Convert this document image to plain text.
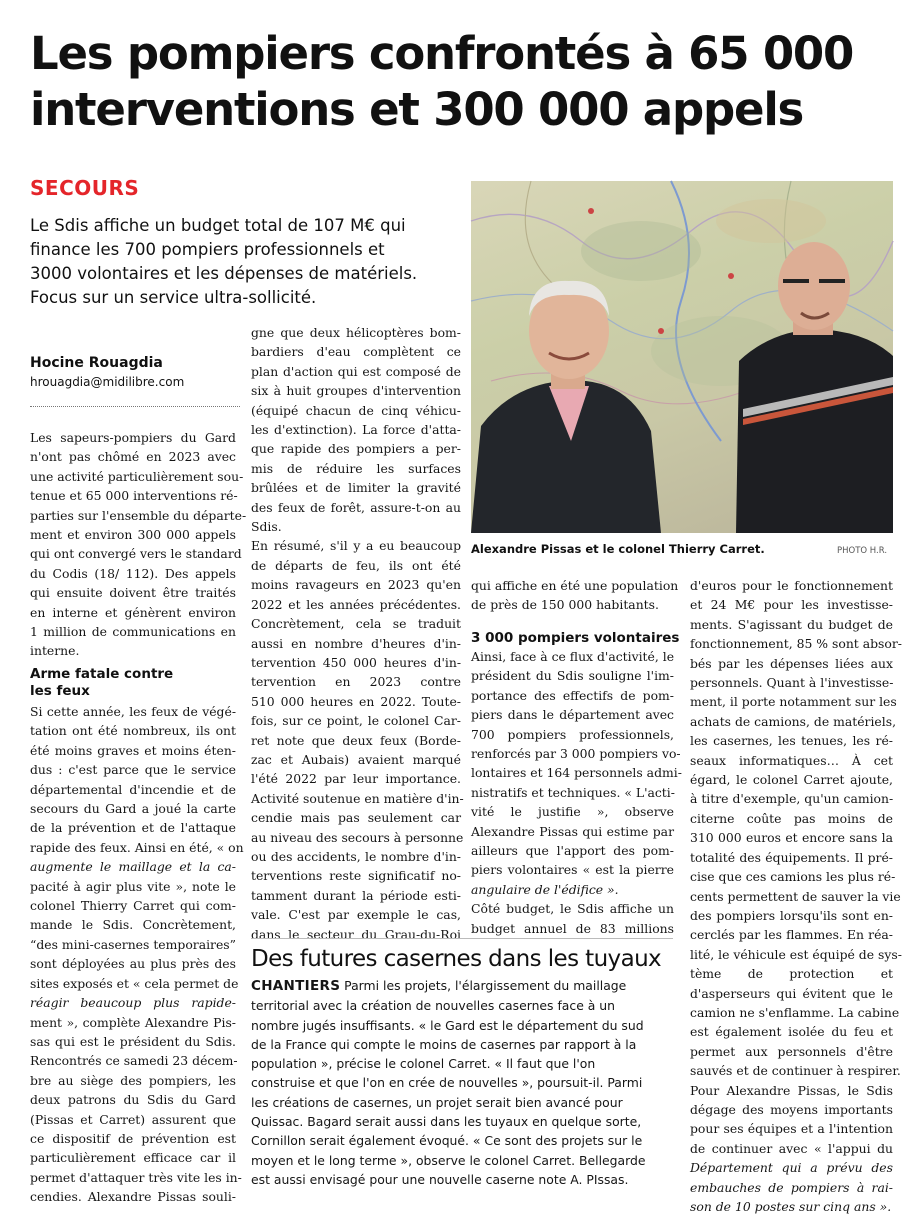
Les pompiers confrontés à 65 000
interventions et 300 000 appels
SECOURS
Le Sdis affiche un budget total de 107 M€ qui
finance les 700 pompiers professionnels et
3000 volontaires et les dépenses de matériels.
Focus sur un service ultra-sollicité.
Hocine Rouagdia
hrouagdia@midilibre.com
Alexandre Pissas et le colonel Thierry Carret.	PHOTO H.R.
Les sapeurs-pompiers du Gard
n'ont pas chômé en 2023 avec
une activité particulièrement sou-
tenue et 65 000 interventions ré-
parties sur l'ensemble du départe-
ment et environ 300 000 appels
qui ont convergé vers le standard
du Codis (18/ 112). Des appels
qui ensuite doivent être traités
en interne et génèrent environ
1 million de communications en
interne.
Arme fatale contre
les feux
Si cette année, les feux de végé-
tation ont été nombreux, ils ont
été moins graves et moins éten-
dus : c'est parce que le service
départemental d'incendie et de
secours du Gard a joué la carte
de la prévention et de l'attaque
rapide des feux. Ainsi en été, « on
augmente le maillage et la ca-
pacité à agir plus vite », note le
colonel Thierry Carret qui com-
mande le Sdis. Concrètement,
“des mini-casernes temporaires”
sont déployées au plus près des
sites exposés et « cela permet de
réagir beaucoup plus rapide-
ment », complète Alexandre Pis-
sas qui est le président du Sdis.
Rencontrés ce samedi 23 décem-
bre au siège des pompiers, les
deux patrons du Sdis du Gard
(Pissas et Carret) assurent que
ce dispositif de prévention est
particulièrement efficace car il
permet d'attaquer très vite les in-
cendies. Alexandre Pissas souli-
gne que deux hélicoptères bom-
bardiers d'eau complètent ce
plan d'action qui est composé de
six à huit groupes d'intervention
(équipé chacun de cinq véhicu-
les d'extinction). La force d'atta-
que rapide des pompiers a per-
mis de réduire les surfaces
brûlées et de limiter la gravité
des feux de forêt, assure-t-on au
Sdis.
En résumé, s'il y a eu beaucoup
de départs de feu, ils ont été
moins ravageurs en 2023 qu'en
2022 et les années précédentes.
Concrètement, cela se traduit
aussi en nombre d'heures d'in-
tervention 450 000 heures d'in-
tervention en 2023 contre
510 000 heures en 2022. Toute-
fois, sur ce point, le colonel Car-
ret note que deux feux (Borde-
zac et Aubais) avaient marqué
l'été 2022 par leur importance.
Activité soutenue en matière d'in-
cendie mais pas seulement car
au niveau des secours à personne
ou des accidents, le nombre d'in-
terventions reste significatif no-
tamment durant la période esti-
vale. C'est par exemple le cas,
dans le secteur du Grau-du-Roi
qui affiche en été une population
de près de 150 000 habitants.
3 000 pompiers volontaires
Ainsi, face à ce flux d'activité, le
président du Sdis souligne l'im-
portance des effectifs de pom-
piers dans le département avec
700 pompiers professionnels,
renforcés par 3 000 pompiers vo-
lontaires et 164 personnels admi-
nistratifs et techniques. « L'acti-
vité le justifie », observe
Alexandre Pissas qui estime par
ailleurs que l'apport des pom-
piers volontaires « est la pierre
angulaire de l'édifice ».
Côté budget, le Sdis affiche un
budget annuel de 83 millions
d'euros pour le fonctionnement
et 24 M€ pour les investisse-
ments. S'agissant du budget de
fonctionnement, 85 % sont absor-
bés par les dépenses liées aux
personnels. Quant à l'investisse-
ment, il porte notamment sur les
achats de camions, de matériels,
les casernes, les tenues, les ré-
seaux informatiques… À cet
égard, le colonel Carret ajoute,
à titre d'exemple, qu'un camion-
citerne coûte pas moins de
310 000 euros et encore sans la
totalité des équipements. Il pré-
cise que ces camions les plus ré-
cents permettent de sauver la vie
des pompiers lorsqu'ils sont en-
cerclés par les flammes. En réa-
lité, le véhicule est équipé de sys-
tème de protection et
d'asperseurs qui évitent que le
camion ne s'enflamme. La cabine
est également isolée du feu et
permet aux personnels d'être
sauvés et de continuer à respirer.
Pour Alexandre Pissas, le Sdis
dégage des moyens importants
pour ses équipes et a l'intention
de continuer avec « l'appui du
Département qui a prévu des
embauches de pompiers à rai-
son de 10 postes sur cinq ans ».
Des futures casernes dans les tuyaux
CHANTIERS Parmi les projets, l'élargissement du maillage
territorial avec la création de nouvelles casernes face à un
nombre jugés insuffisants. « le Gard est le département du sud
de la France qui compte le moins de casernes par rapport à la
population », précise le colonel Carret. « Il faut que l'on
construise et que l'on en crée de nouvelles », poursuit-il. Parmi
les créations de casernes, un projet serait bien avancé pour
Quissac. Bagard serait aussi dans les tuyaux en quelque sorte,
Cornillon serait également évoqué. « Ce sont des projets sur le
moyen et le long terme », observe le colonel Carret. Bellegarde
est aussi envisagé pour une nouvelle caserne note A. PIssas.
